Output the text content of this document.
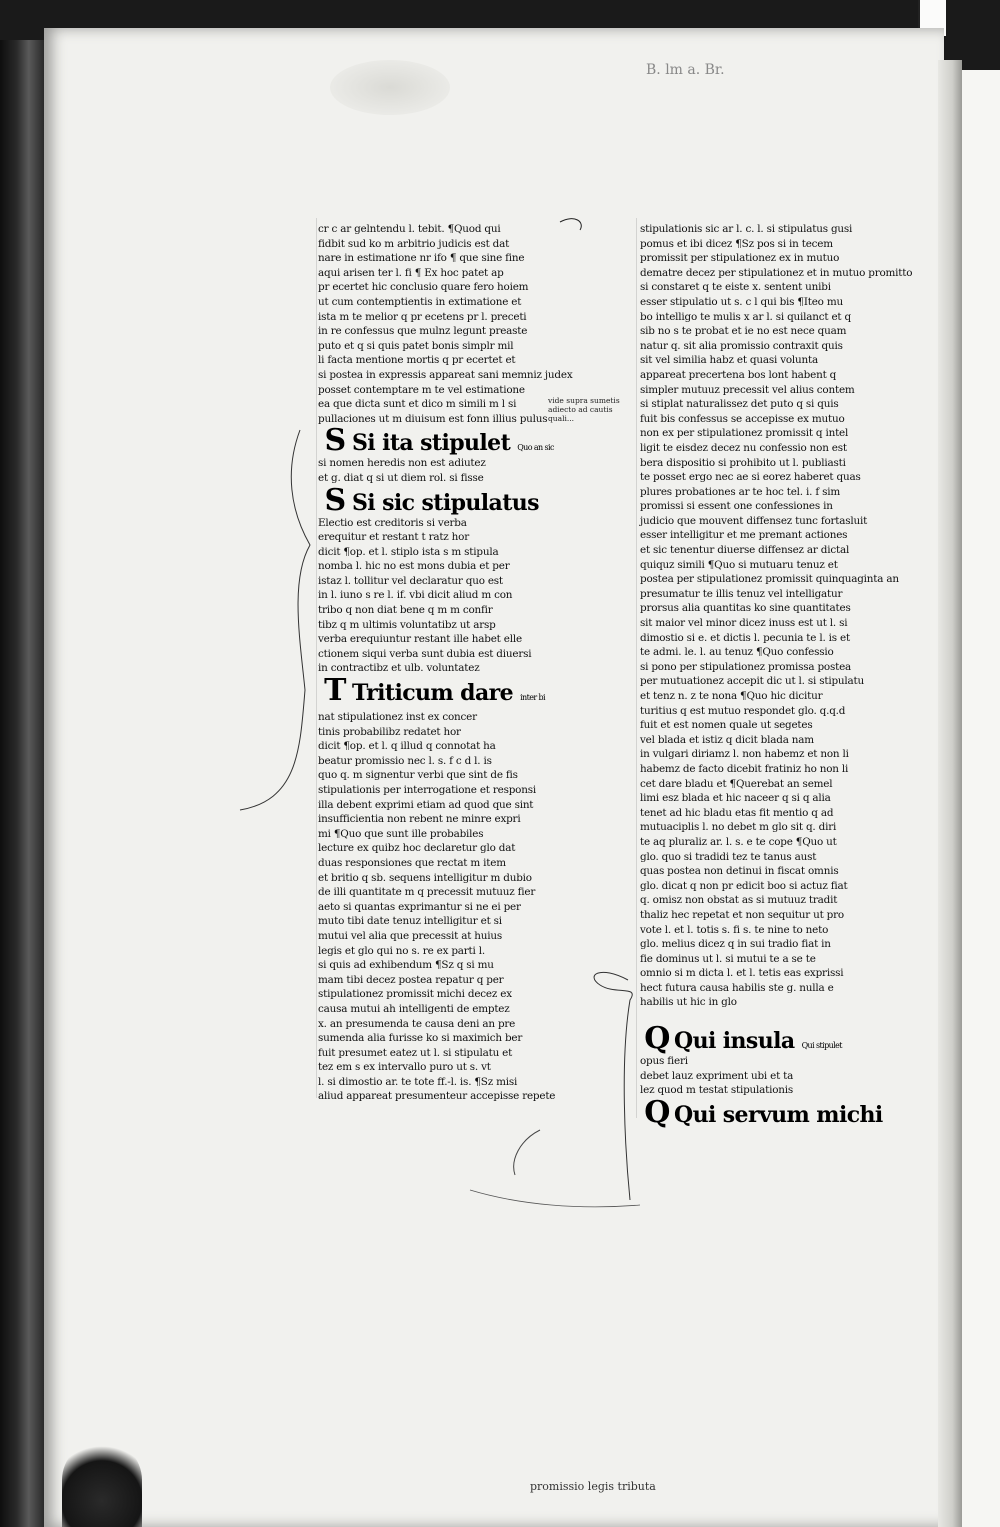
B. lm a. Br.
cr c ar gelntendu l. tebit. ¶Quod qui
fidbit sud ko m arbitrio judicis est dat
nare in estimatione nr ifo ¶ que sine fine
aqui arisen ter l. fi ¶ Ex hoc patet ap
pr ecertet hic conclusio quare fero hoiem
ut cum contemptientis in extimatione et
ista m te melior q pr ecetens pr l. preceti
in re confessus que mulnz legunt preaste
puto et q si quis patet bonis simplr mil
li facta mentione mortis q pr ecertet et
si postea in expressis appareat sani memniz judex
posset contemptare m te vel estimatione
ea que dicta sunt et dico m simili m l si
pullaciones ut m diuisum est fonn illius pulus
S Si ita stipulet Quo an sic
si nomen heredis non est adiutez
et g. diat q si ut diem rol. si fisse
S Si sic stipulatus
Electio est creditoris si verba
erequitur et restant t ratz hor
dicit ¶op. et l. stiplo ista s m stipula
nomba l. hic no est mons dubia et per
istaz l. tollitur vel declaratur quo est
in l. iuno s re l. if. vbi dicit aliud m con
tribo q non diat bene q m m confir
tibz q m ultimis voluntatibz ut arsp
verba erequiuntur restant ille habet elle
ctionem siqui verba sunt dubia est diuersi
in contractibz et ulb. voluntatez
T Triticum dare inter bi
nat stipulationez inst ex concer
tinis probabilibz redatet hor
dicit ¶op. et l. q illud q connotat ha
beatur promissio nec l. s. f c d l. is
quo q. m signentur verbi que sint de fis
stipulationis per interrogatione et responsi
illa debent exprimi etiam ad quod que sint
insufficientia non rebent ne minre expri
mi ¶Quo que sunt ille probabiles
lecture ex quibz hoc declaretur glo dat
duas responsiones que rectat m item
et britio q sb. sequens intelligitur m dubio
de illi quantitate m q precessit mutuuz fier
aeto si quantas exprimantur si ne ei per
muto tibi date tenuz intelligitur et si
mutui vel alia que precessit at huius
legis et glo qui no s. re ex parti l.
si quis ad exhibendum ¶Sz q si mu
mam tibi decez postea repatur q per
stipulationez promissit michi decez ex
causa mutui ah intelligenti de emptez
x. an presumenda te causa deni an pre
sumenda alia furisse ko si maximich ber
fuit presumet eatez ut l. si stipulatu et
tez em s ex intervallo puro ut s. vt
l. si dimostio ar. te tote ff.-l. is. ¶Sz misi
aliud appareat presumenteur accepisse repete
stipulationis sic ar l. c. l. si stipulatus gusi
pomus et ibi dicez ¶Sz pos si in tecem
promissit per stipulationez ex in mutuo
dematre decez per stipulationez et in mutuo promitto
si constaret q te eiste x. sentent unibi
esser stipulatio ut s. c l qui bis ¶Iteo mu
bo intelligo te mulis x ar l. si quilanct et q
sib no s te probat et ie no est nece quam
natur q. sit alia promissio contraxit quis
sit vel similia habz et quasi volunta
appareat precertena bos lont habent q
simpler mutuuz precessit vel alius contem
si stiplat naturalissez det puto q si quis
fuit bis confessus se accepisse ex mutuo
non ex per stipulationez promissit q intel
ligit te eisdez decez nu confessio non est
bera dispositio si prohibito ut l. publiasti
te posset ergo nec ae si eorez haberet quas
plures probationes ar te hoc tel. i. f sim
promissi si essent one confessiones in
judicio que mouvent diffensez tunc fortasluit
esser intelligitur et me premant actiones
et sic tenentur diuerse diffensez ar dictal
quiquz simili ¶Quo si mutuaru tenuz et
postea per stipulationez promissit quinquaginta an
presumatur te illis tenuz vel intelligatur
prorsus alia quantitas ko sine quantitates
sit maior vel minor dicez inuss est ut l. si
dimostio si e. et dictis l. pecunia te l. is et
te admi. le. l. au tenuz ¶Quo confessio
si pono per stipulationez promissa postea
per mutuationez accepit dic ut l. si stipulatu
et tenz n. z te nona ¶Quo hic dicitur
turitius q est mutuo respondet glo. q.q.d
fuit et est nomen quale ut segetes
vel blada et istiz q dicit blada nam
in vulgari diriamz l. non habemz et non li
habemz de facto dicebit fratiniz ho non li
cet dare bladu et ¶Querebat an semel
limi esz blada et hic naceer q si q alia
tenet ad hic bladu etas fit mentio q ad
mutuaciplis l. no debet m glo sit q. diri
te aq pluraliz ar. l. s. e te cope ¶Quo ut
glo. quo si tradidi tez te tanus aust
quas postea non detinui in fiscat omnis
glo. dicat q non pr edicit boo si actuz fiat
q. omisz non obstat as si mutuuz tradit
thaliz hec repetat et non sequitur ut pro
vote l. et l. totis s. fi s. te nine to neto
glo. melius dicez q in sui tradio fiat in
fie dominus ut l. si mutui te a se te
omnio si m dicta l. et l. tetis eas exprissi
hect futura causa habilis ste g. nulla e
habilis ut hic in glo
Q Qui insula Qui stipulet
opus fieri
debet lauz expriment ubi et ta
lez quod m testat stipulationis
Q Qui servum michi
vide supra sumetis adiecto ad cautis quali...
promissio legis tributa
